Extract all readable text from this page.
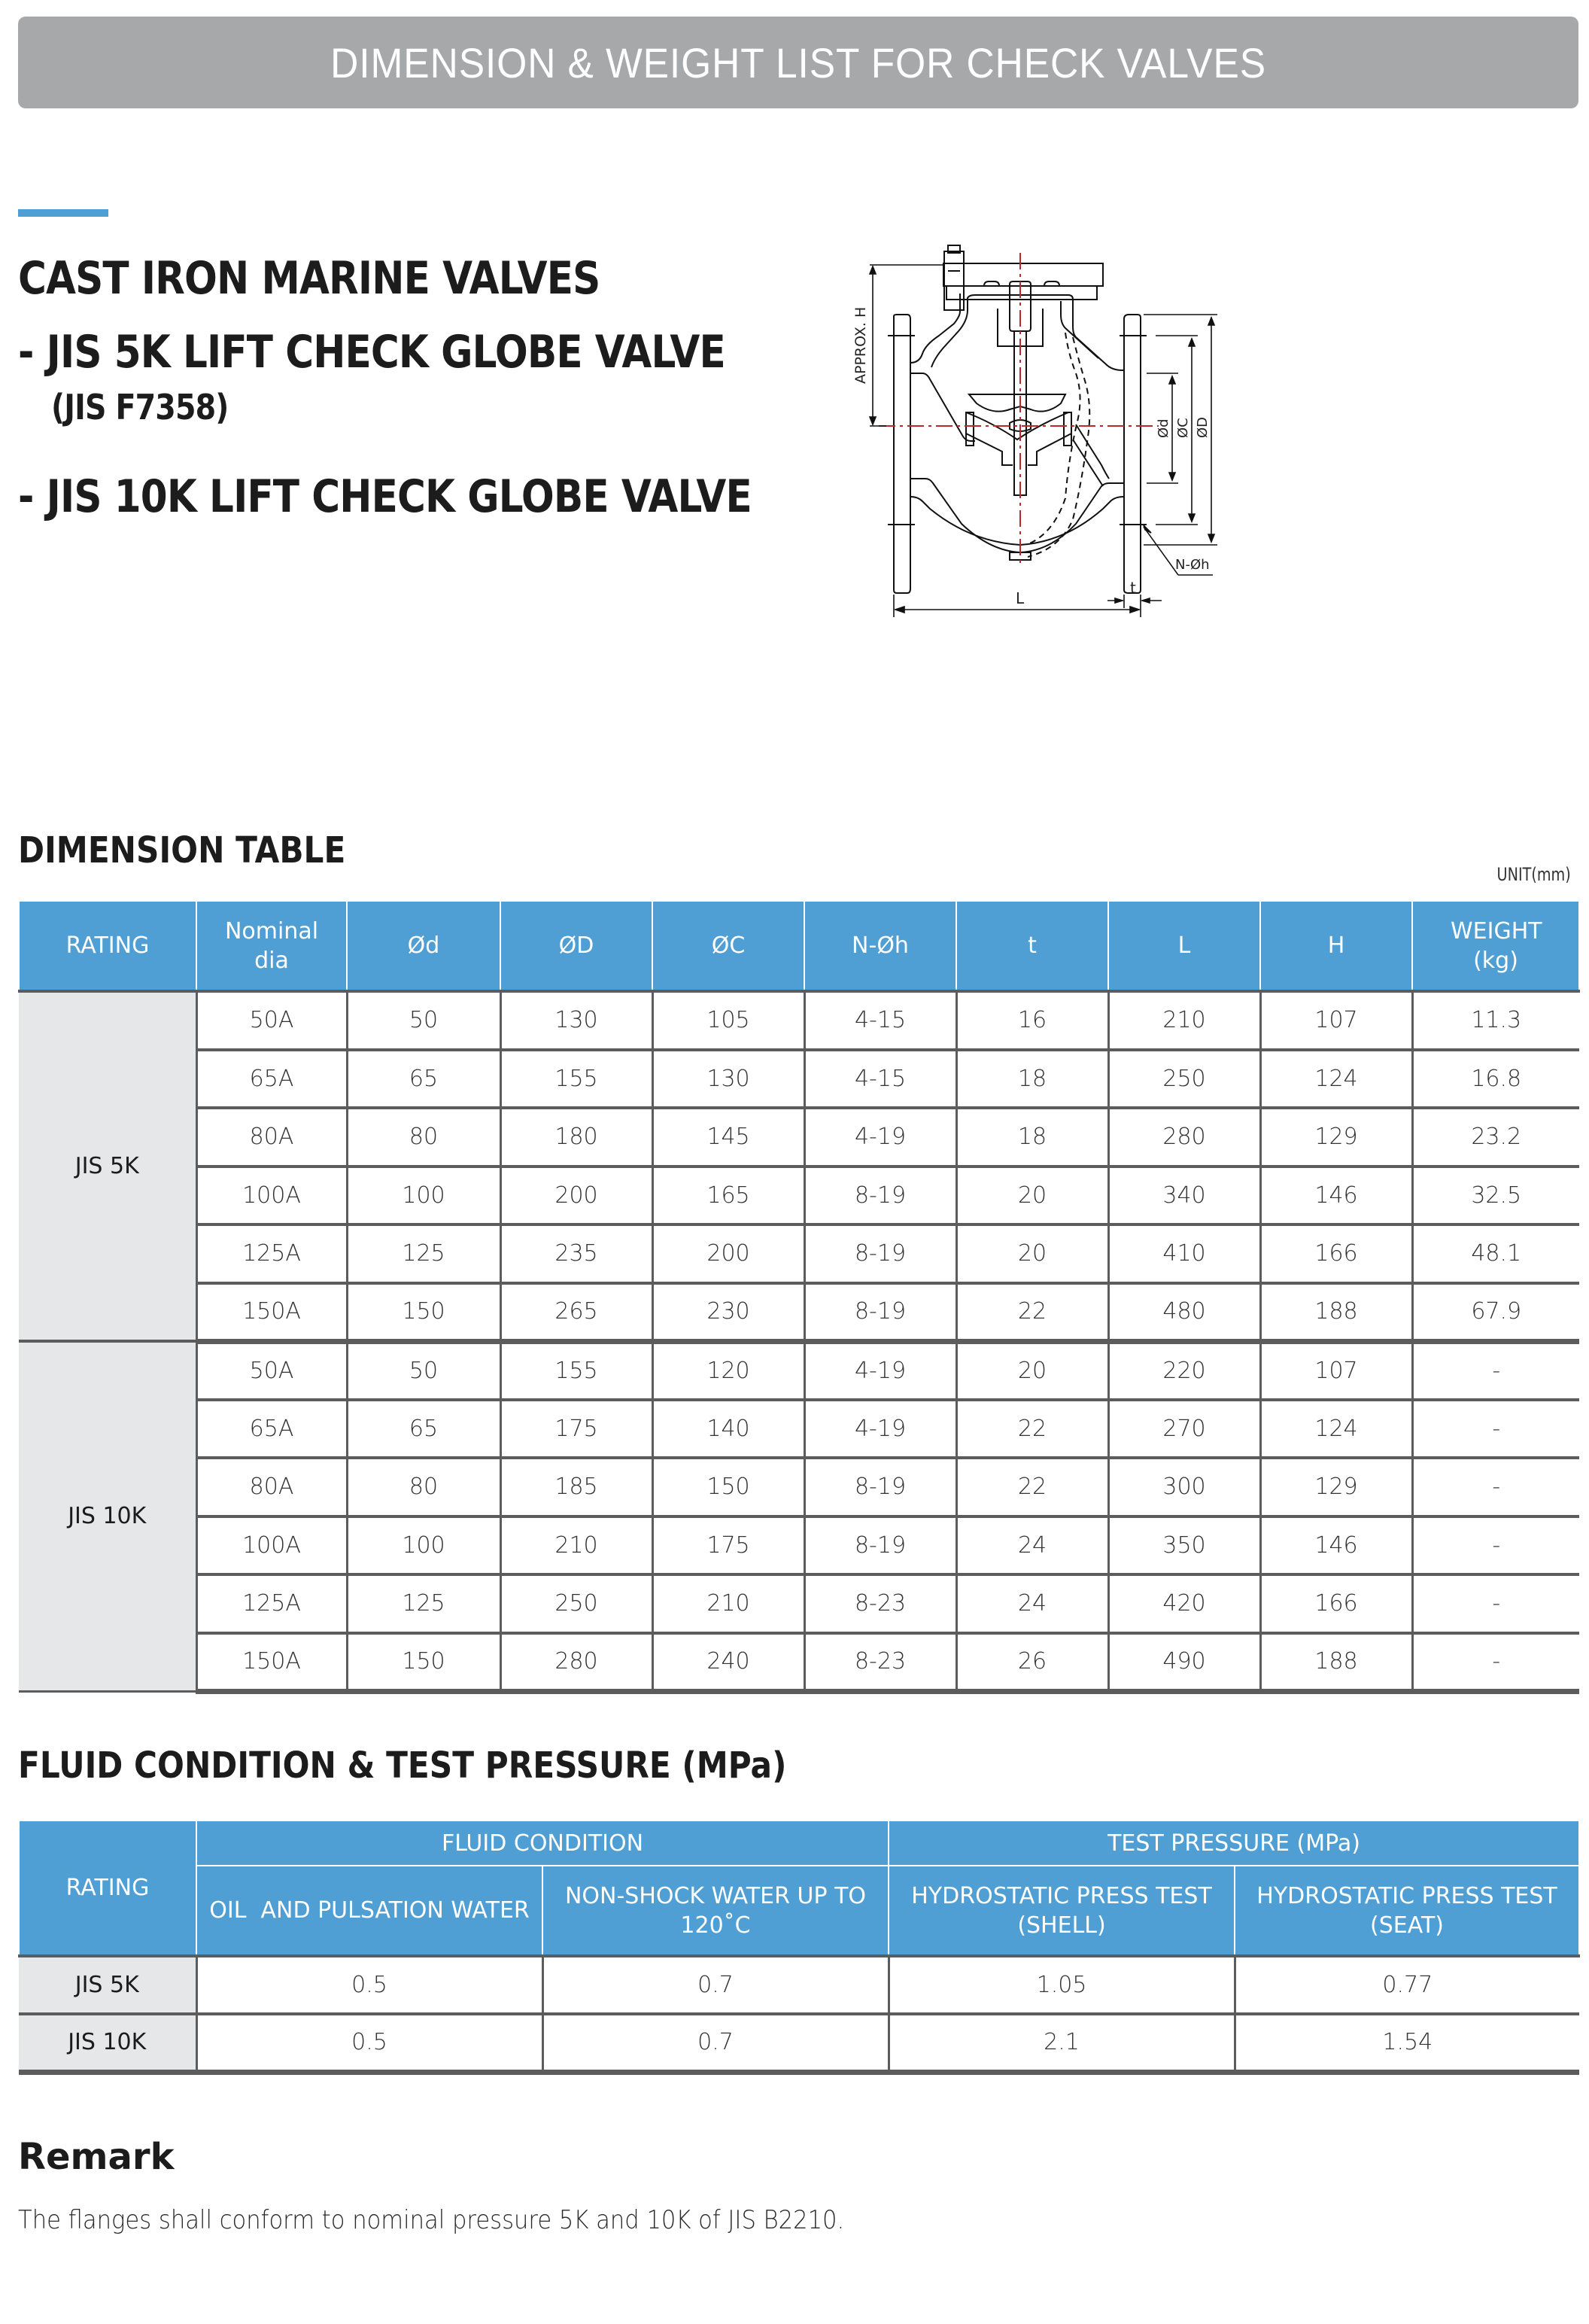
DIMENSION & WEIGHT LIST FOR CHECK VALVES
CAST IRON MARINE VALVES
- JIS 5K LIFT CHECK GLOBE VALVE
(JIS F7358)
- JIS 10K LIFT CHECK GLOBE VALVE
APPROX. H
Ød ØC ØD
t
N-Øh
L
DIMENSION TABLE
UNIT(mm)
RATING	Nominal dia	Ød	ØD	ØC	N-Øh	t	L	H	WEIGHT (kg)
JIS 5K	50A	50	130	105	4-15	16	210	107	11.3
	65A	65	155	130	4-15	18	250	124	16.8
	80A	80	180	145	4-19	18	280	129	23.2
	100A	100	200	165	8-19	20	340	146	32.5
	125A	125	235	200	8-19	20	410	166	48.1
	150A	150	265	230	8-19	22	480	188	67.9
JIS 10K	50A	50	155	120	4-19	20	220	107	-
	65A	65	175	140	4-19	22	270	124	-
	80A	80	185	150	8-19	22	300	129	-
	100A	100	210	175	8-19	24	350	146	-
	125A	125	250	210	8-23	24	420	166	-
	150A	150	280	240	8-23	26	490	188	-
FLUID CONDITION & TEST PRESSURE (MPa)
RATING	FLUID CONDITION		TEST PRESSURE (MPa)	
	OIL  AND PULSATION WATER	NON-SHOCK WATER UP TO 120˚C	HYDROSTATIC PRESS TEST (SHELL)	HYDROSTATIC PRESS TEST (SEAT)
JIS 5K	0.5	0.7	1.05	0.77
JIS 10K	0.5	0.7	2.1	1.54
Remark
The flanges shall conform to nominal pressure 5K and 10K of JIS B2210.
